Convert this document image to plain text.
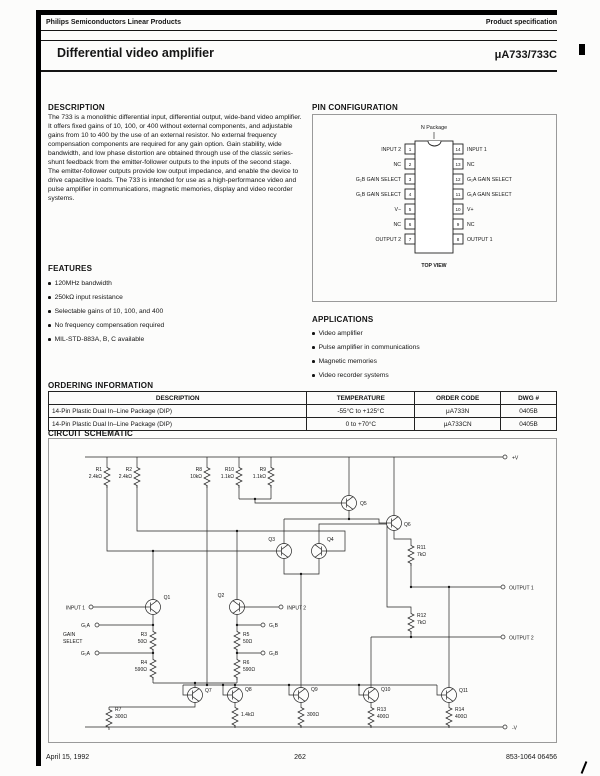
Philips Semiconductors Linear Products	Product specification
Differential video amplifier	μA733/733C
DESCRIPTION

The 733 is a monolithic differential input, differential output, wide-band video amplifier. It offers fixed gains of 10, 100, or 400 without external components, and adjustable gains from 10 to 400 by the use of an external resistor. No external frequency compensation components are required for any gain option. Gain stability, wide bandwidth, and low phase distortion are obtained through use of the classic series-shunt feedback from the emitter-follower outputs to the inputs of the second stage. The emitter-follower outputs provide low output impedance, and enable the device to drive capacitive loads. The 733 is intended for use as a high-performance video and pulse amplifier in communications, magnetic memories, display and video recorder systems.

FEATURES
120MHz bandwidth
250kΩ input resistance
Selectable gains of 10, 100, and 400
No frequency compensation required
MIL-STD-883A, B, C available
PIN CONFIGURATION
N Package
1	14
2	13
3	12
4	11
5	10
6	9
7	8
INPUT 2	INPUT 1
NC	NC
G₂B GAIN SELECT	G₂A GAIN SELECT
G₁B GAIN SELECT	G₁A GAIN SELECT
V−	V+
NC	NC
OUTPUT 2	OUTPUT 1
TOP VIEW
APPLICATIONS
Video amplifier
Pulse amplifier in communications
Magnetic memories
Video recorder systems
ORDERING INFORMATION
DESCRIPTION	TEMPERATURE	ORDER CODE	DWG #
14-Pin Plastic Dual In–Line Package (DIP)	-55°C to +125°C	μA733N	0405B
14-Pin Plastic Dual In–Line Package (DIP)	0 to +70°C	μA733CN	0405B
CIRCUIT SCHEMATIC
+V
-V
R1
2.4kΩ
R2
2.4kΩ
R8
10kΩ
R10
1.1kΩ
R9
1.1kΩ
Q1	Q2
Q3	Q4
Q5
Q6
Q7	Q8	Q9	Q10	Q11
INPUT 1	INPUT 2
OUTPUT 1
OUTPUT 2
GAIN
SELECT
G₁A
G₂A
G₁B
G₂B
R3
50Ω
R5
50Ω
R4
590Ω
R6
590Ω
R7
300Ω
R11
7kΩ
R12
7kΩ
R13
400Ω
R14
400Ω
1.4kΩ	300Ω
April 15, 1992	262	853-1064 06456
